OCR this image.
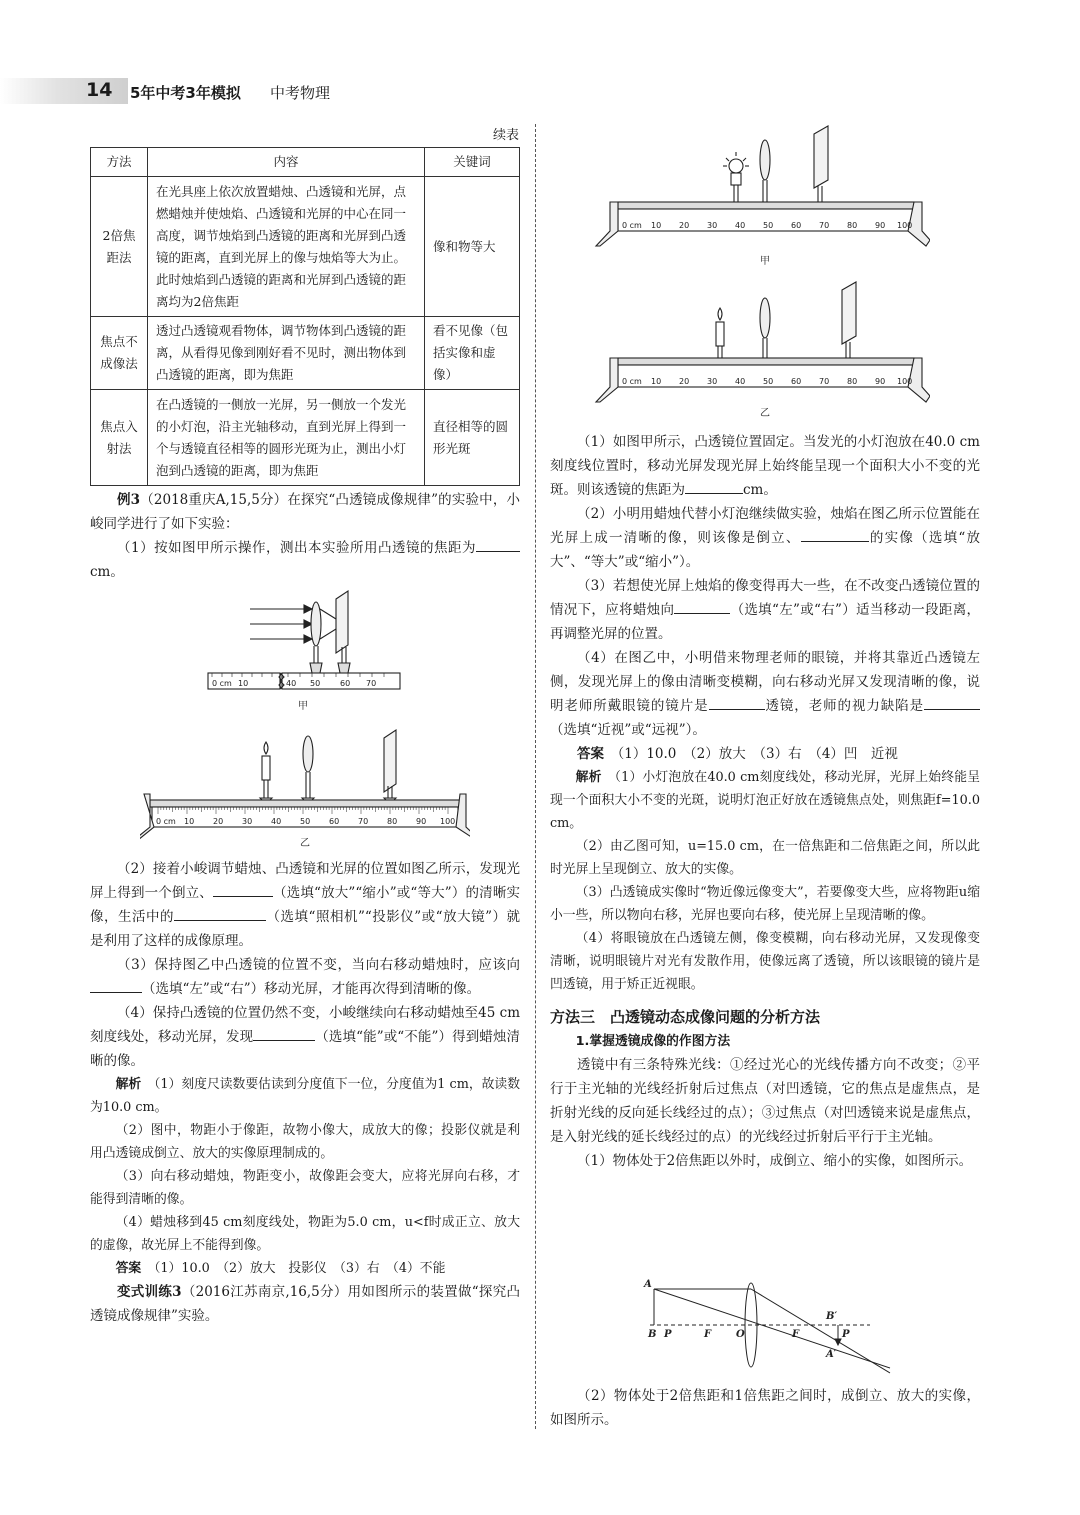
14 5年中考3年模拟 中考物理
续表
方法	内容	关键词
2倍焦距法	在光具座上依次放置蜡烛、凸透镜和光屏，点燃蜡烛并使烛焰、凸透镜和光屏的中心在同一高度，调节烛焰到凸透镜的距离和光屏到凸透镜的距离，直到光屏上的像与烛焰等大为止。此时烛焰到凸透镜的距离和光屏到凸透镜的距离均为2倍焦距	像和物等大
焦点不成像法	透过凸透镜观看物体，调节物体到凸透镜的距离，从看得见像到刚好看不见时，测出物体到凸透镜的距离，即为焦距	看不见像（包括实像和虚像）
焦点入射法	在凸透镜的一侧放一光屏，另一侧放一个发光的小灯泡，沿主光轴移动，直到光屏上得到一个与透镜直径相等的圆形光斑为止，测出小灯泡到凸透镜的距离，即为焦距	直径相等的圆形光斑

例3（2018重庆A,15,5分）在探究“凸透镜成像规律”的实验中，小峻同学进行了如下实验：

（1）按如图甲所示操作，测出本实验所用凸透镜的焦距为cm。

0 cm 10	40 50 60 70
甲
0 cm 10 20 30 40 50 60 70 80 90 100
乙

（2）接着小峻调节蜡烛、凸透镜和光屏的位置如图乙所示，发现光屏上得到一个倒立、	（选填“放大”“缩小”或“等大”）的清晰实像，生活中的	（选填“照相机”“投影仪”或“放大镜”）就是利用了这样的成像原理。

（3）保持图乙中凸透镜的位置不变，当向右移动蜡烛时，应该向（选填“左”或“右”）移动光屏，才能再次得到清晰的像。

（4）保持凸透镜的位置仍然不变，小峻继续向右移动蜡烛至45 cm刻度线处，移动光屏，发现	（选填“能”或“不能”）得到蜡烛清晰的像。

解析　 （1）刻度尺读数要估读到分度值下一位，分度值为1 cm，故读数为10.0 cm。

（2）图中，物距小于像距，故物小像大，成放大的像；投影仪就是利用凸透镜成倒立、放大的实像原理制成的。

（3）向右移动蜡烛，物距变小，故像距会变大，应将光屏向右移，才能得到清晰的像。

（4）蜡烛移到45 cm刻度线处，物距为5.0 cm，u<f时成正立、放大的虚像，故光屏上不能得到像。

答案　 （1）10.0　（2）放大　投影仪　（3）右　（4）不能

变式训练3（2016江苏南京,16,5分）用如图所示的装置做“探究凸透镜成像规律”实验。

0 cm 10 20 30 40 50 60 70 80 90 100
甲
0 cm 10 20 30 40 50 60 70 80 90 100
乙

（1）如图甲所示，凸透镜位置固定。当发光的小灯泡放在40.0 cm刻度线位置时，移动光屏发现光屏上始终能呈现一个面积大小不变的光斑。则该透镜的焦距为	cm。

（2）小明用蜡烛代替小灯泡继续做实验，烛焰在图乙所示位置能在光屏上成一清晰的像，则该像是倒立、	的实像（选填“放大”、“等大”或“缩小”）。

（3）若想使光屏上烛焰的像变得再大一些，在不改变凸透镜位置的情况下，应将蜡烛向	（选填“左”或“右”）适当移动一段距离，再调整光屏的位置。

（4）在图乙中，小明借来物理老师的眼镜，并将其靠近凸透镜左侧，发现光屏上的像由清晰变模糊，向右移动光屏又发现清晰的像，说明老师所戴眼镜的镜片是	透镜，老师的视力缺陷是（选填“近视”或“远视”）。

答案　 （1）10.0　（2）放大　（3）右　（4）凹　近视

解析　 （1）小灯泡放在40.0 cm刻度线处，移动光屏，光屏上始终能呈现一个面积大小不变的光斑，说明灯泡正好放在透镜焦点处，则焦距f=10.0 cm。

（2）由乙图可知，u=15.0 cm，在一倍焦距和二倍焦距之间，所以此时光屏上呈现倒立、放大的实像。

（3）凸透镜成实像时“物近像远像变大”，若要像变大些，应将物距u缩小一些，所以物向右移，光屏也要向右移，使光屏上呈现清晰的像。

（4）将眼镜放在凸透镜左侧，像变模糊，向右移动光屏，又发现像变清晰，说明眼镜片对光有发散作用，使像远离了透镜，所以该眼镜的镜片是凹透镜，用于矫正近视眼。

方法三　凸透镜动态成像问题的分析方法

1.掌握透镜成像的作图方法

透镜中有三条特殊光线：①经过光心的光线传播方向不改变；②平行于主光轴的光线经折射后过焦点（对凹透镜，它的焦点是虚焦点，是折射光线的反向延长线经过的点）；③过焦点（对凹透镜来说是虚焦点，是入射光线的延长线经过的点）的光线经过折射后平行于主光轴。

（1）物体处于2倍焦距以外时，成倒立、缩小的实像，如图所示。

A
B P	F O	F
B′
P
A′

（2）物体处于2倍焦距和1倍焦距之间时，成倒立、放大的实像，如图所示。
